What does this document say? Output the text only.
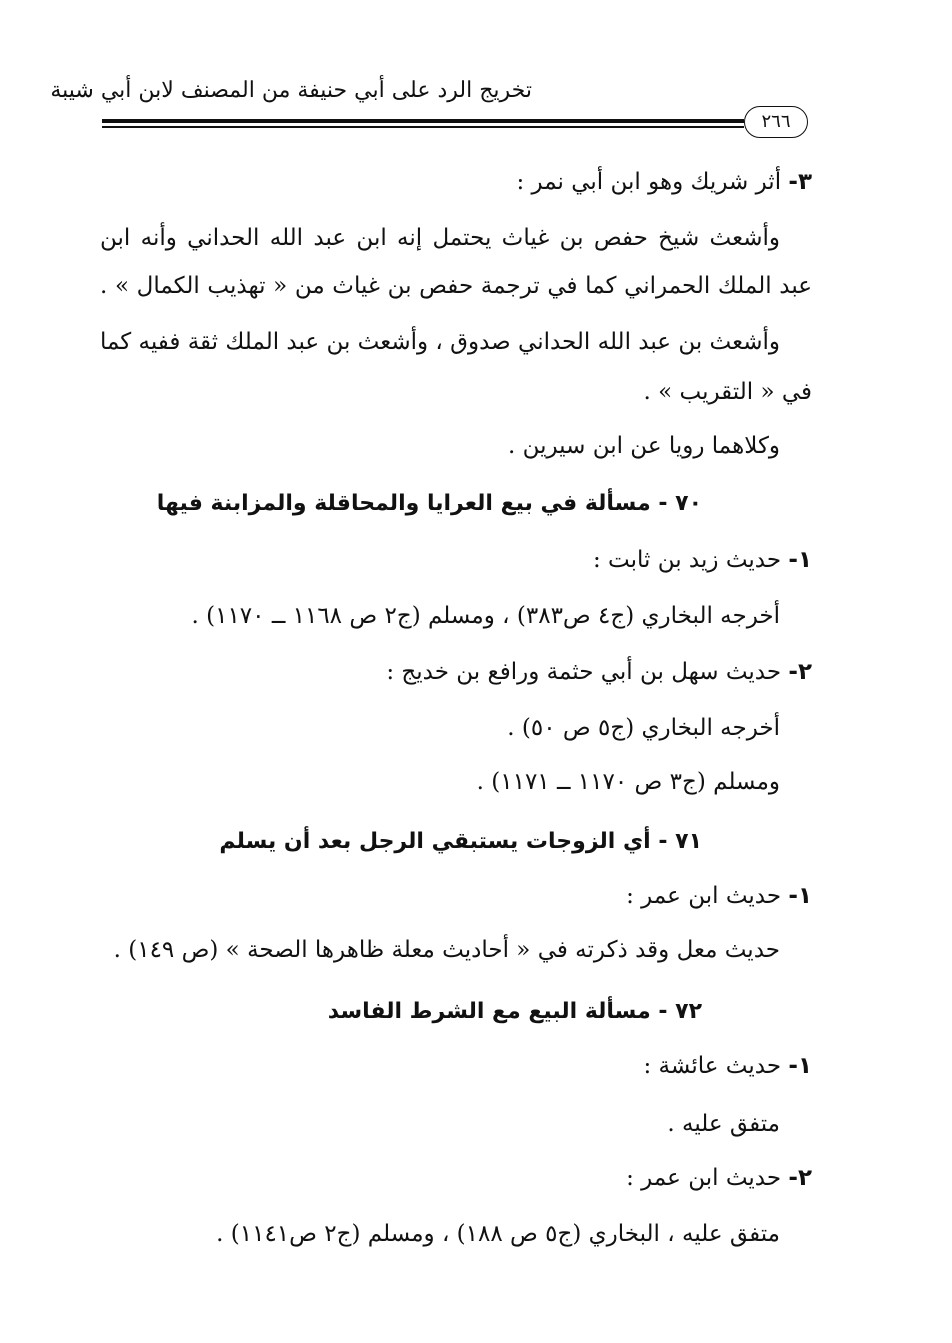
تخريج الرد على أبي حنيفة من المصنف لابن أبي شيبة
٢٦٦
٣- أثر شريك وهو ابن أبي نمر :
وأشعث شيخ حفص بن غياث يحتمل إنه ابن عبد الله الحداني وأنه ابن
عبد الملك الحمراني كما في ترجمة حفص بن غياث من « تهذيب الكمال » .
وأشعث بن عبد الله الحداني صدوق ، وأشعث بن عبد الملك ثقة ففيه كما
في « التقريب » .
وكلاهما رويا عن ابن سيرين .
٧٠ - مسألة في بيع العرايا والمحاقلة والمزابنة فيها
١- حديث زيد بن ثابت :
أخرجه البخاري (ج٤ ص٣٨٣) ، ومسلم (ج٢ ص ١١٦٨ ــ ١١٧٠) .
٢- حديث سهل بن أبي حثمة ورافع بن خديج :
أخرجه البخاري (ج٥ ص ٥٠) .
ومسلم (ج٣ ص ١١٧٠ ــ ١١٧١) .
٧١ - أي الزوجات يستبقي الرجل بعد أن يسلم
١- حديث ابن عمر :
حديث معل وقد ذكرته في « أحاديث معلة ظاهرها الصحة » (ص ١٤٩) .
٧٢ - مسألة البيع مع الشرط الفاسد
١- حديث عائشة :
متفق عليه .
٢- حديث ابن عمر :
متفق عليه ، البخاري (ج٥ ص ١٨٨) ، ومسلم (ج٢ ص١١٤١) .
